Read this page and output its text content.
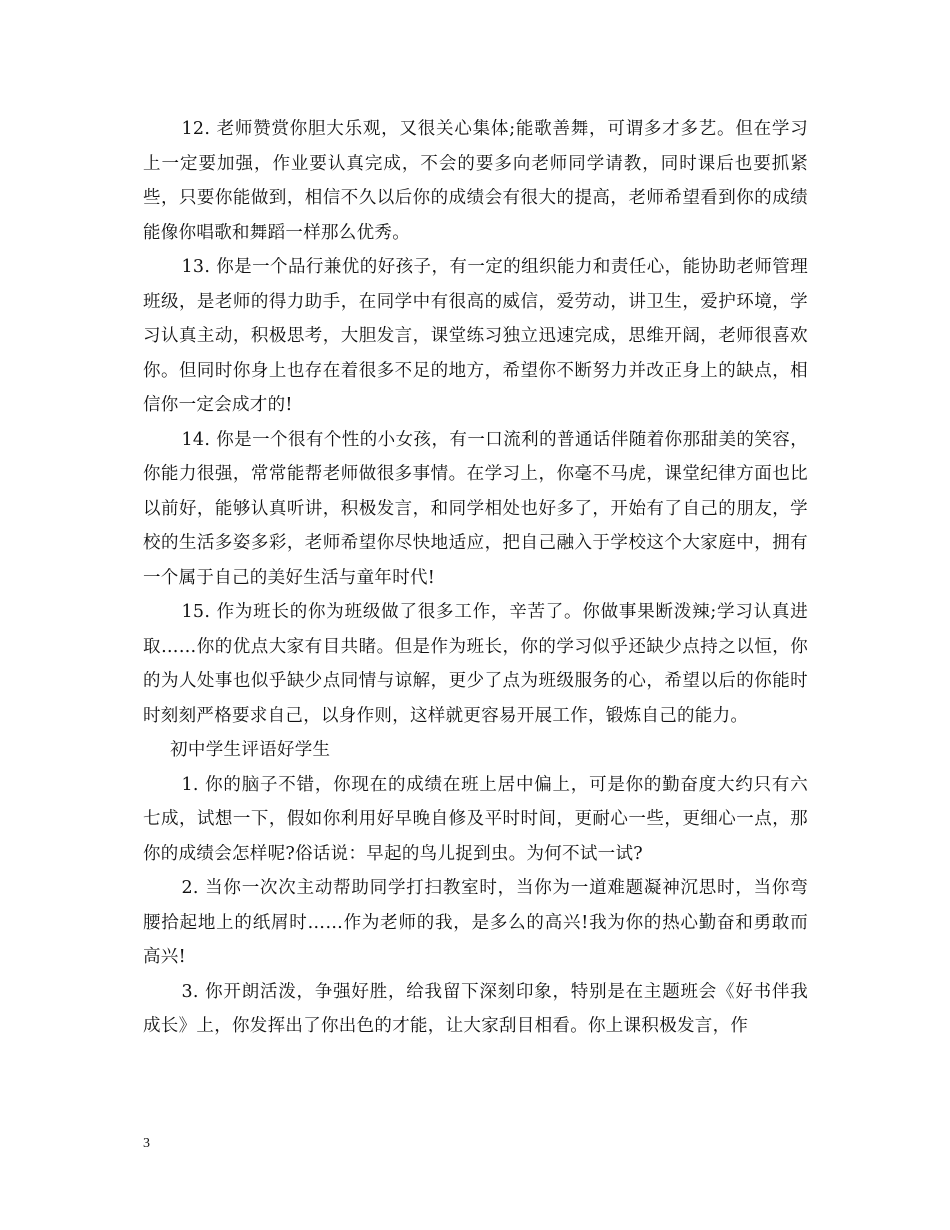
12. 老师赞赏你胆大乐观，又很关心集体;能歌善舞，可谓多才多艺。但在学习上一定要加强，作业要认真完成，不会的要多向老师同学请教，同时课后也要抓紧些，只要你能做到，相信不久以后你的成绩会有很大的提高，老师希望看到你的成绩能像你唱歌和舞蹈一样那么优秀。

13. 你是一个品行兼优的好孩子，有一定的组织能力和责任心，能协助老师管理班级，是老师的得力助手，在同学中有很高的威信，爱劳动，讲卫生，爱护环境，学习认真主动，积极思考，大胆发言，课堂练习独立迅速完成，思维开阔，老师很喜欢你。但同时你身上也存在着很多不足的地方，希望你不断努力并改正身上的缺点，相信你一定会成才的!

14. 你是一个很有个性的小女孩，有一口流利的普通话伴随着你那甜美的笑容，你能力很强，常常能帮老师做很多事情。在学习上，你毫不马虎，课堂纪律方面也比以前好，能够认真听讲，积极发言，和同学相处也好多了，开始有了自己的朋友，学校的生活多姿多彩，老师希望你尽快地适应，把自己融入于学校这个大家庭中，拥有一个属于自己的美好生活与童年时代!

15. 作为班长的你为班级做了很多工作，辛苦了。你做事果断泼辣;学习认真进取……你的优点大家有目共睹。但是作为班长，你的学习似乎还缺少点持之以恒，你的为人处事也似乎缺少点同情与谅解，更少了点为班级服务的心，希望以后的你能时时刻刻严格要求自己，以身作则，这样就更容易开展工作，锻炼自己的能力。

初中学生评语好学生

1. 你的脑子不错，你现在的成绩在班上居中偏上，可是你的勤奋度大约只有六七成，试想一下，假如你利用好早晚自修及平时时间，更耐心一些，更细心一点，那你的成绩会怎样呢?俗话说：早起的鸟儿捉到虫。为何不试一试?

2. 当你一次次主动帮助同学打扫教室时，当你为一道难题凝神沉思时，当你弯腰拾起地上的纸屑时……作为老师的我，是多么的高兴!我为你的热心勤奋和勇敢而高兴!

3. 你开朗活泼，争强好胜，给我留下深刻印象，特别是在主题班会《好书伴我成长》上，你发挥出了你出色的才能，让大家刮目相看。你上课积极发言，作

3
